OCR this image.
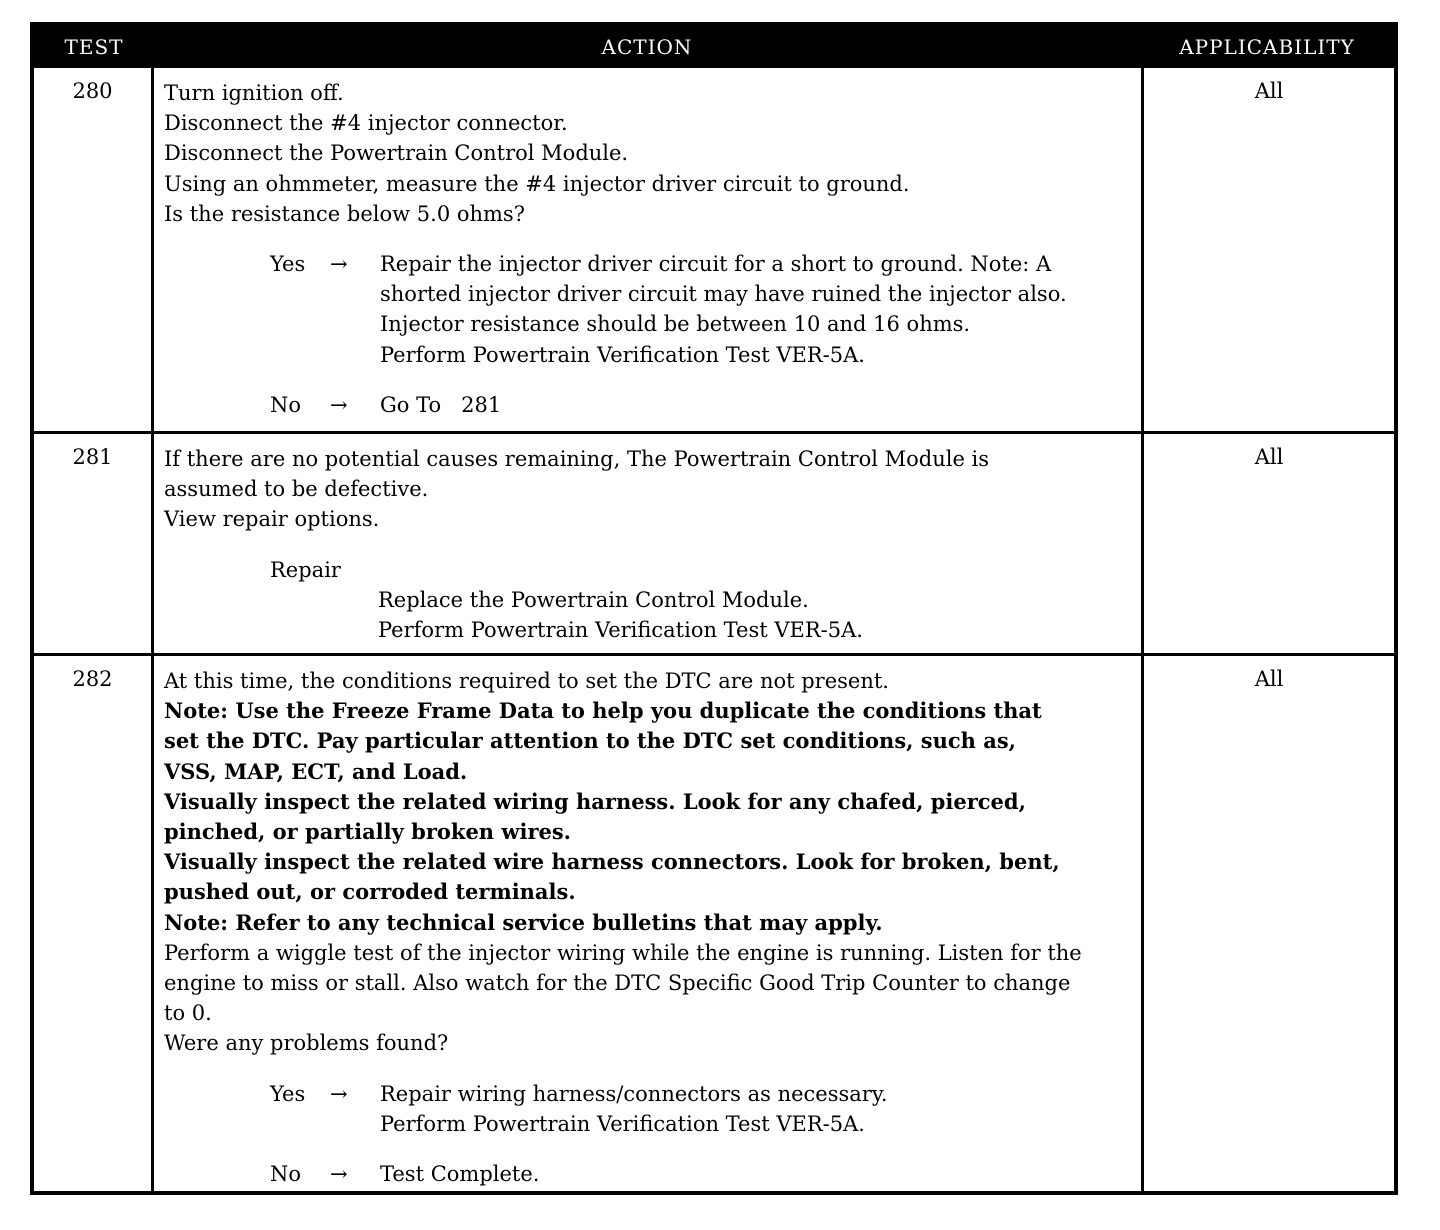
TEST	ACTION	APPLICABILITY
280	Turn ignition off.
Disconnect the #4 injector connector.
Disconnect the Powertrain Control Module.
Using an ohmmeter, measure the #4 injector driver circuit to ground.
Is the resistance below 5.0 ohms?
Yes	→	Repair the injector driver circuit for a short to ground. Note: A
shorted injector driver circuit may have ruined the injector also.
Injector resistance should be between 10 and 16 ohms.
Perform Powertrain Verification Test VER-5A.
No	→	Go To   281
All
281	If there are no potential causes remaining, The Powertrain Control Module is
assumed to be defective.
View repair options.
Repair
Replace the Powertrain Control Module.
Perform Powertrain Verification Test VER-5A.
All
282	At this time, the conditions required to set the DTC are not present.
Note: Use the Freeze Frame Data to help you duplicate the conditions that
set the DTC. Pay particular attention to the DTC set conditions, such as,
VSS, MAP, ECT, and Load.
Visually inspect the related wiring harness. Look for any chafed, pierced,
pinched, or partially broken wires.
Visually inspect the related wire harness connectors. Look for broken, bent,
pushed out, or corroded terminals.
Note: Refer to any technical service bulletins that may apply.
Perform a wiggle test of the injector wiring while the engine is running. Listen for the
engine to miss or stall. Also watch for the DTC Specific Good Trip Counter to change
to 0.
Were any problems found?
Yes	→	Repair wiring harness/connectors as necessary.
Perform Powertrain Verification Test VER-5A.
No	→	Test Complete.
All
